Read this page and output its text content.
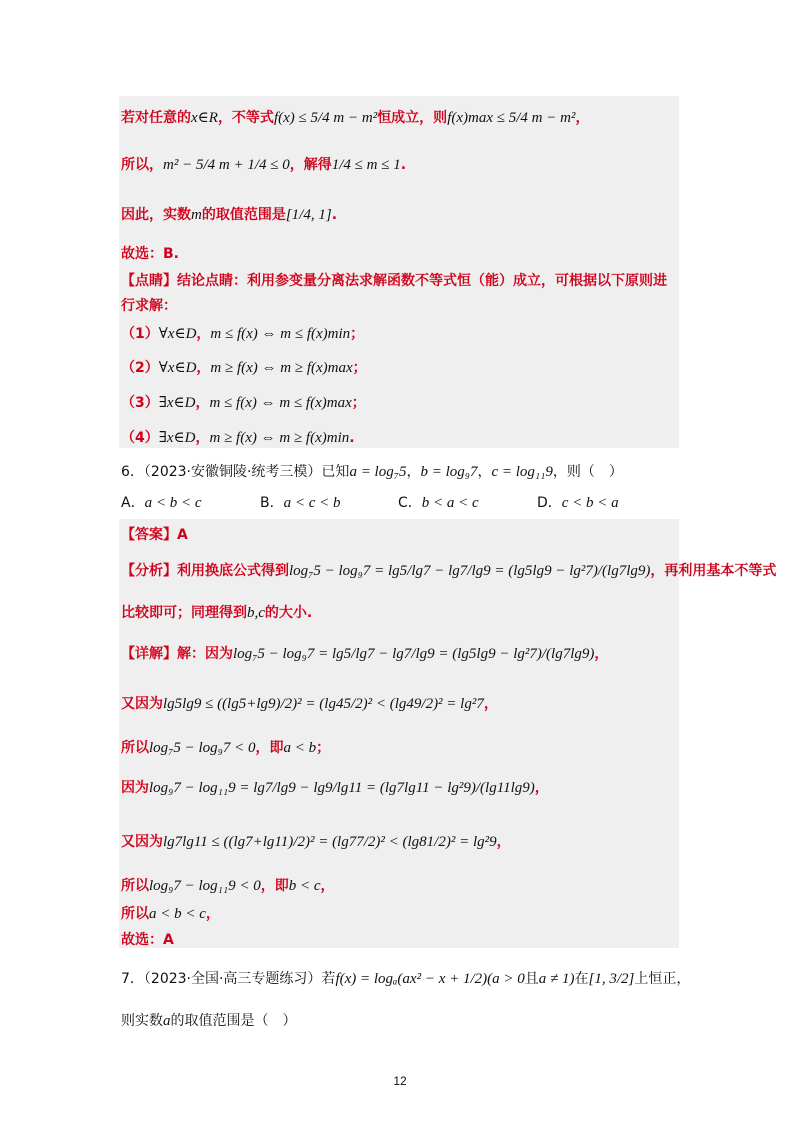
若对任意的x∈R，不等式f(x) ≤ 5/4 m − m²恒成立，则f(x)max ≤ 5/4 m − m²，
所以，m² − 5/4 m + 1/4 ≤ 0，解得1/4 ≤ m ≤ 1.
因此，实数m的取值范围是[1/4, 1].
故选：B.
【点睛】结论点睛：利用参变量分离法求解函数不等式恒（能）成立，可根据以下原则进
行求解：
（1）∀x∈D，m ≤ f(x) ⇔ m ≤ f(x)min；
（2）∀x∈D，m ≥ f(x) ⇔ m ≥ f(x)max；
（3）∃x∈D，m ≤ f(x) ⇔ m ≤ f(x)max；
（4）∃x∈D，m ≥ f(x) ⇔ m ≥ f(x)min.
6．（2023·安徽铜陵·统考三模）已知a = log₇5，b = log₉7，c = log₁₁9，则（　）
A．a < b < c	B．a < c < b	C．b < a < c	D．c < b < a
【答案】A
【分析】利用换底公式得到log₇5 − log₉7 = lg5/lg7 − lg7/lg9 = (lg5lg9 − lg²7)/(lg7lg9)，再利用基本不等式
比较即可；同理得到b,c的大小.
【详解】解：因为log₇5 − log₉7 = lg5/lg7 − lg7/lg9 = (lg5lg9 − lg²7)/(lg7lg9)，
又因为lg5lg9 ≤ ((lg5+lg9)/2)² = (lg45/2)² < (lg49/2)² = lg²7，
所以log₇5 − log₉7 < 0，即a < b；
因为log₉7 − log₁₁9 = lg7/lg9 − lg9/lg11 = (lg7lg11 − lg²9)/(lg11lg9)，
又因为lg7lg11 ≤ ((lg7+lg11)/2)² = (lg77/2)² < (lg81/2)² = lg²9，
所以log₉7 − log₁₁9 < 0，即b < c，
所以a < b < c，
故选：A
7．（2023·全国·高三专题练习）若f(x) = logₐ(ax² − x + 1/2)(a > 0且a ≠ 1)在[1, 3/2]上恒正，
则实数a的取值范围是（　）
12
